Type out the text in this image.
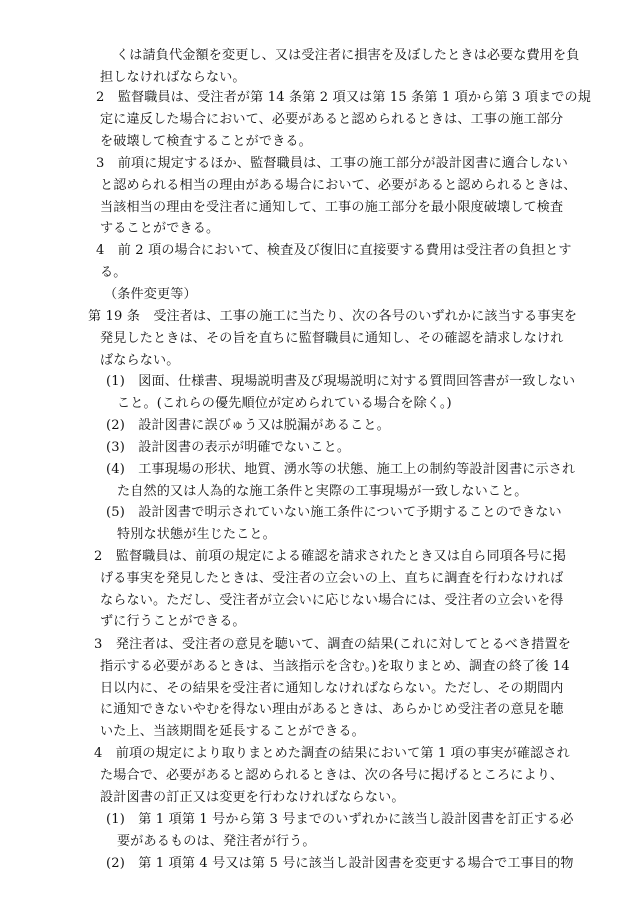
くは請負代金額を変更し、又は受注者に損害を及ぼしたときは必要な費用を負
担しなければならない。
2　監督職員は、受注者が第 14 条第 2 項又は第 15 条第 1 項から第 3 項までの規
定に違反した場合において、必要があると認められるときは、工事の施工部分
を破壊して検査することができる。
3　前項に規定するほか、監督職員は、工事の施工部分が設計図書に適合しない
と認められる相当の理由がある場合において、必要があると認められるときは、
当該相当の理由を受注者に通知して、工事の施工部分を最小限度破壊して検査
することができる。
4　前 2 項の場合において、検査及び復旧に直接要する費用は受注者の負担とす
る。
（条件変更等）
第 19 条　受注者は、工事の施工に当たり、次の各号のいずれかに該当する事実を
発見したときは、その旨を直ちに監督職員に通知し、その確認を請求しなけれ
ばならない。
(1)　図面、仕様書、現場説明書及び現場説明に対する質問回答書が一致しない
こと。(これらの優先順位が定められている場合を除く。)
(2)　設計図書に誤びゅう又は脱漏があること。
(3)　設計図書の表示が明確でないこと。
(4)　工事現場の形状、地質、湧水等の状態、施工上の制約等設計図書に示され
た自然的又は人為的な施工条件と実際の工事現場が一致しないこと。
(5)　設計図書で明示されていない施工条件について予期することのできない
特別な状態が生じたこと。
2　監督職員は、前項の規定による確認を請求されたとき又は自ら同項各号に掲
げる事実を発見したときは、受注者の立会いの上、直ちに調査を行わなければ
ならない。ただし、受注者が立会いに応じない場合には、受注者の立会いを得
ずに行うことができる。
3　発注者は、受注者の意見を聴いて、調査の結果(これに対してとるべき措置を
指示する必要があるときは、当該指示を含む。)を取りまとめ、調査の終了後 14
日以内に、その結果を受注者に通知しなければならない。ただし、その期間内
に通知できないやむを得ない理由があるときは、あらかじめ受注者の意見を聴
いた上、当該期間を延長することができる。
4　前項の規定により取りまとめた調査の結果において第 1 項の事実が確認され
た場合で、必要があると認められるときは、次の各号に掲げるところにより、
設計図書の訂正又は変更を行わなければならない。
(1)　第 1 項第 1 号から第 3 号までのいずれかに該当し設計図書を訂正する必
要があるものは、発注者が行う。
(2)　第 1 項第 4 号又は第 5 号に該当し設計図書を変更する場合で工事目的物
